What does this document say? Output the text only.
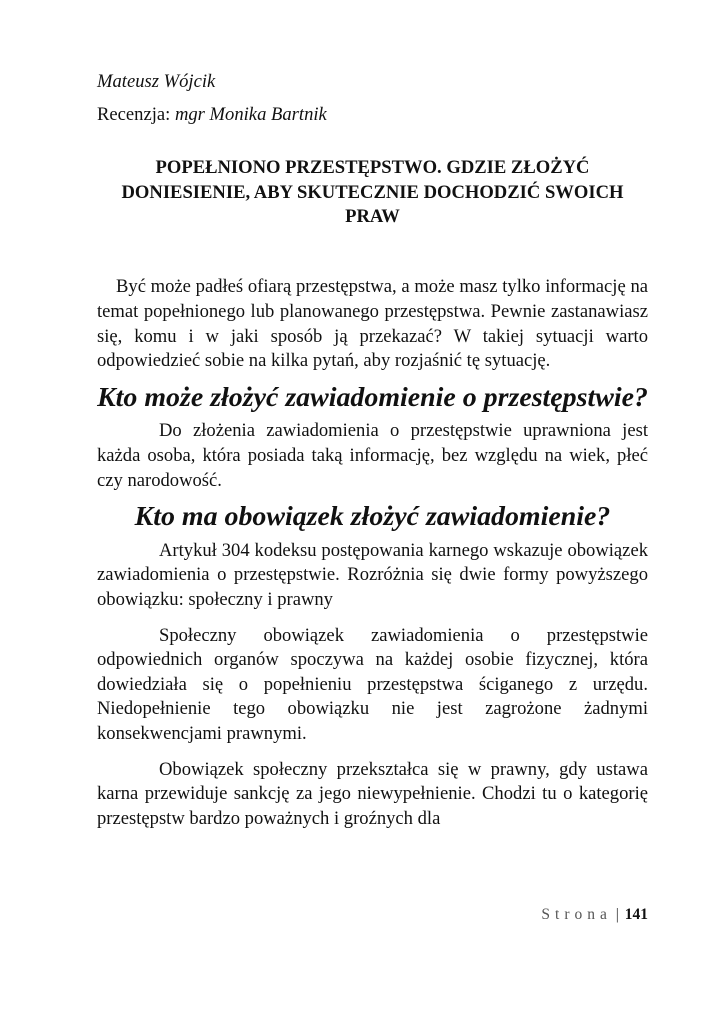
Mateusz Wójcik

Recenzja: mgr Monika Bartnik

POPEŁNIONO PRZESTĘPSTWO. GDZIE ZŁOŻYĆ DONIESIENIE, ABY SKUTECZNIE DOCHODZIĆ SWOICH PRAW

Być może padłeś ofiarą przestępstwa, a może masz tylko informację na temat popełnionego lub planowanego przestępstwa. Pewnie zastanawiasz się, komu i w jaki sposób ją przekazać? W takiej sytuacji warto odpowiedzieć sobie na kilka pytań, aby rozjaśnić tę sytuację.

Kto może złożyć zawiadomienie o przestępstwie?

Do złożenia zawiadomienia o przestępstwie uprawniona jest każda osoba, która posiada taką informację, bez względu na wiek, płeć czy narodowość.

Kto ma obowiązek złożyć zawiadomienie?

Artykuł 304 kodeksu postępowania karnego wskazuje obowiązek zawiadomienia o przestępstwie. Rozróżnia się dwie formy powyższego obowiązku: społeczny i prawny

Społeczny obowiązek zawiadomienia o przestępstwie odpowiednich organów spoczywa na każdej osobie fizycznej, która dowiedziała się o popełnieniu przestępstwa ściganego z urzędu. Niedopełnienie tego obowiązku nie jest zagrożone żadnymi konsekwencjami prawnymi.

Obowiązek społeczny przekształca się w prawny, gdy ustawa karna przewiduje sankcję za jego niewypełnienie. Chodzi tu o kategorię przestępstw bardzo poważnych i groźnych dla

Strona | 141
